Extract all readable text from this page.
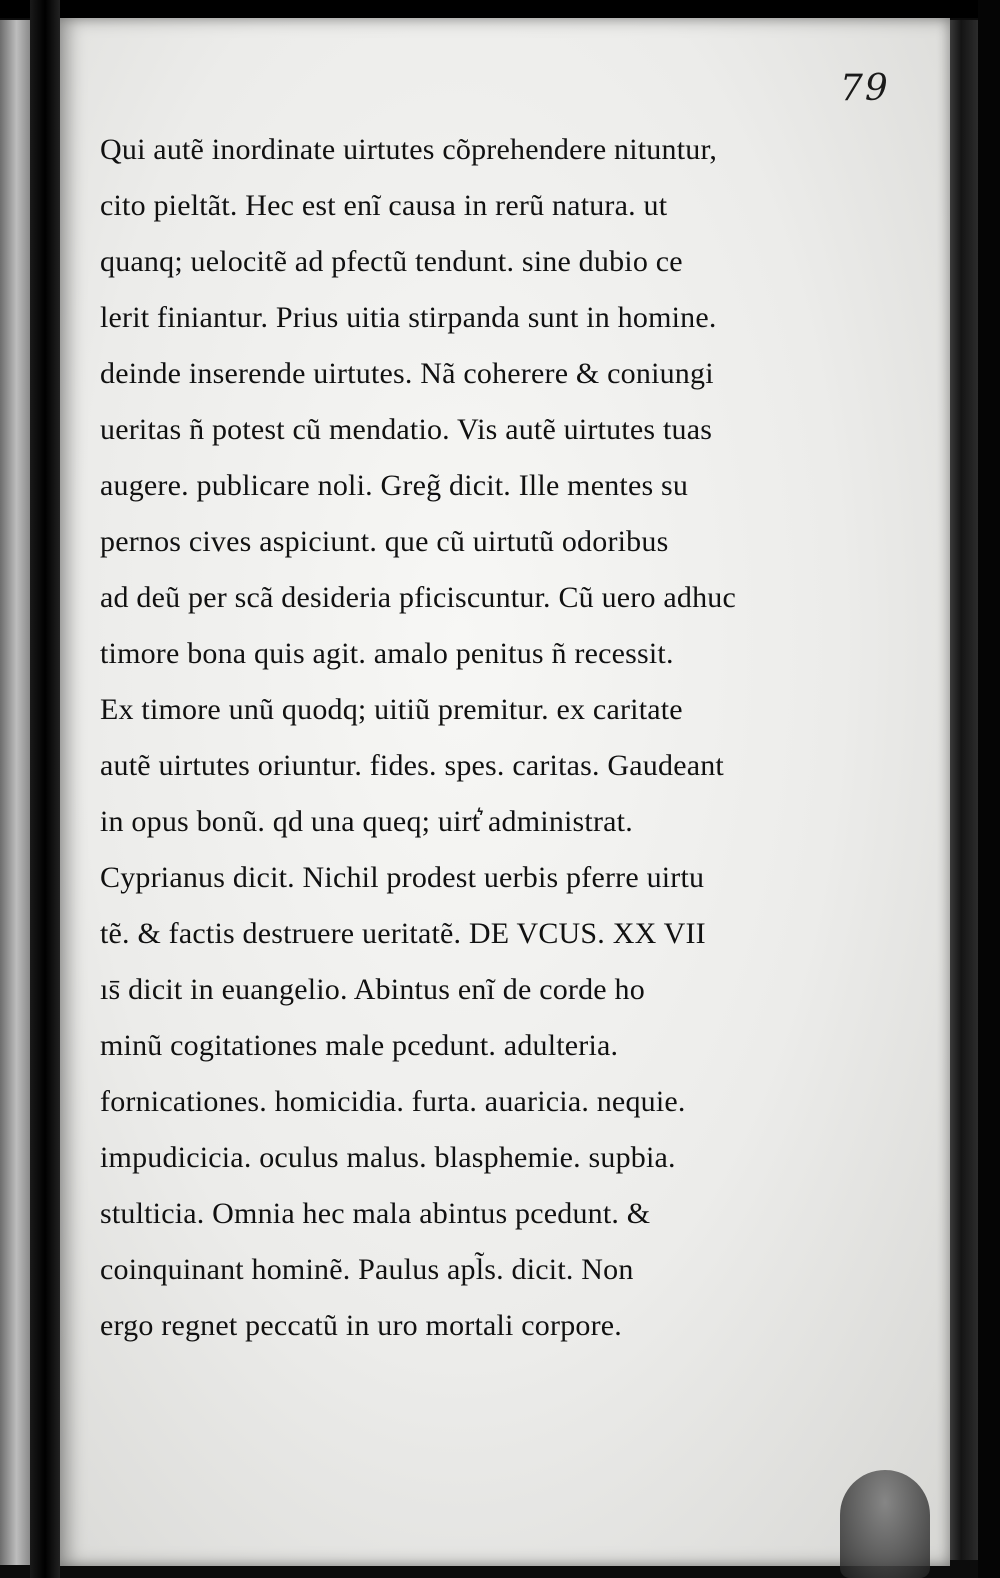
79
Qui autẽ inordinate uirtutes cõprehendere nituntur,
cito pieltãt. Hec est enĩ causa in rerũ natura. ut
quanq; uelocitẽ ad pfectũ tendunt. sine dubio ce
lerit finiantur. Prius uitia stirpanda sunt in homine.
deinde inserende uirtutes. Nã coherere & coniungi
ueritas ñ potest cũ mendatio. Vis autẽ uirtutes tuas
augere. publicare noli. Greg̃ dicit. Ille mentes su
pernos cives aspiciunt. que cũ uirtutũ odoribus
ad deũ per scã desideria pficiscuntur. Cũ uero adhuc
timore bona quis agit. amalo penitus ñ recessit.
Ex timore unũ quodq; uitiũ premitur. ex caritate
autẽ uirtutes oriuntur. fides. spes. caritas. Gaudeant
in opus bonũ. qd una queq; uirt͛ administrat.
Cyprianus dicit. Nichil prodest uerbis pferre uirtu
tẽ. & factis destruere ueritatẽ. DE VCUS. XX VII
ıs̄ dicit in euangelio. Abintus enĩ de corde ho
minũ cogitationes male pcedunt. adulteria.
fornicationes. homicidia. furta. auaricia. nequie.
impudicicia. oculus malus. blasphemie. supbia.
stulticia. Omnia hec mala abintus pcedunt. &
coinquinant hominẽ. Paulus apl̃s. dicit. Non
ergo regnet peccatũ in uro mortali corpore.
